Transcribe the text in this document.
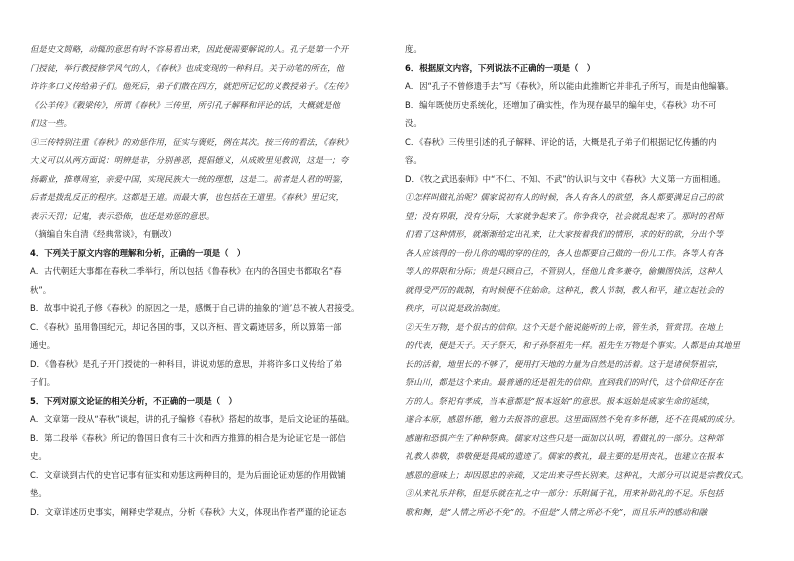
但是史文简略，动辄的意思有时不容易看出来，因此便需要解说的人。孔子是第一个开
门授徒，举行教授修学风气的人，《春秋》也成变现的一种科目。关于动笔的所在，他
许许多口义传给弟子们。他死后，弟子们散在四方，就把所记忆的义教授弟子。《左传》
《公羊传》《穀梁传》，所谓《春秋》三传里，所引孔子解释和评论的话，大概就是他
们这一些。
④三传特别注重《春秋》的劝惩作用，征实与褒贬，例在其次。按三传的看法，《春秋》
大义可以从两方面说：明辨是非，分别善恶，提倡德义，从成败里见教训，这是一；夸
扬霸业，推尊周室，亲爱中国，实现民族大一统的理想，这是二。前者是人君的明鉴，
后者是拨乱反正的程序。这都是王道。而最大事，也包括在王道里。《春秋》里记灾，
表示天罚；记鬼，表示恐佈，也还是劝惩的意思。
（摘编自朱自清《经典常谈》，有删改）
4．下列关于原文内容的理解和分析，正确的一项是（　）
A．古代朝廷大事都在春秋二季举行，所以包括《鲁春秋》在内的各国史书都取名“春
秋”。
B．故事中说孔子修《春秋》的原因之一是，感慨于自己讲的抽象的‘道’总不被人君接受。
C．《春秋》虽用鲁国纪元，却记各国的事，又以齐桓、晋文霸迹居多，所以算第一部
通史。
D．《鲁春秋》是孔子开门授徒的一种科目，讲说劝惩的意思，并将许多口义传给了弟
子们。
5．下列对原文论证的相关分析，不正确的一项是（　）
A．文章第一段从“春秋”谈起，讲的孔子编修《春秋》搭起的故事，是后文论证的基础。
B．第二段举《春秋》所记的鲁国日食有三十次和西方推算的相合是为论证它是一部信
史。
C．文章谈到古代的史官记事有征实和劝惩这两种目的，是为后面论证劝惩的作用做铺
垫。
D．文章详述历史事实，阐释史学观点，分析《春秋》大义，体现出作者严谨的论证态
度。
6．根据原文内容，下列说法不正确的一项是（　）
A．因“孔子不曾修遗手去”写《春秋》，所以能由此推断它并非孔子所写，而是由他编纂。
B．编年既使历史系统化，还增加了确实性，作为现存最早的编年史，《春秋》功不可
没。
C．《春秋》三传里引述的孔子解释、评论的话，大概是孔子弟子们根据记忆传播的内
容。
D．《牧之武迅泰师》中“不仁、不知、不武”的认识与文中《春秋》大义第一方面相通。
①怎样叫做礼治呢？儒家说初有人的时候，各人有各人的欲望，各人都要满足自己的欲
望；没有界限，没有分际，大家就争起来了。你争我夺，社会就乱起来了。那时的君师
们看了这种情形，就渐渐给定出礼来，让大家按着我们的情形，求的好的欲，分出个等
各人应该得的一份儿你的喝的穿的住的，各人也都要自己做的一份儿工作。各等人有各
等人的界限和分际；贵是只顾自己，不管别人，怪他儿食多兼夺，偷懒图快活，这种人
就得受严厉的裁制，有时候便不住始命。这种礼，教人节制，教人和平，建立起社会的
秩序，可以说是政治制度。
②天生万物，是个很古的信仰。这个天是个能说能听的上帝，管生杀，管赏罚。在地上
的代表，便是天子。天子祭天，和子孙祭祖先一样。祖先生万物是个事实。人都是由其地里
长的活着，地里长的不够了，便用打天地的力量为自然是的活着。这于是诸侯祭祖宗，
祭山川，都是这个来由。最普通的还是祖先的信仰。直到我们的时代，这个信仰还存在
方的人。祭祀有孝成，当本意都是“报本返始”的意思。报本返始是成家生命的延续，
遂合本原，感恩怀德，勉力去报答的意思。这里面固然不免有多怀德，还不在畏威的成分。
感谢和恐惧产生了种种祭典。儒家对这些只是一面加以认明，看做礼的一部分。这种郊
礼教人恭敬，恭敬便是畏威的遗迹了。儒家的教礼，最主要的是用丧礼，也建立在报本
感恩的意味上；却因恩忠的亲疏，又定出来寻些长别来。这种礼，大部分可以说是宗教仪式。
③从来礼乐并称，但是乐就在礼之中一部分：乐附属于礼，用来补助礼的不足。乐包括
歌和舞，是“人情之所必不免”的。不但是“人情之所必不免”，而且乐声的感动和融
